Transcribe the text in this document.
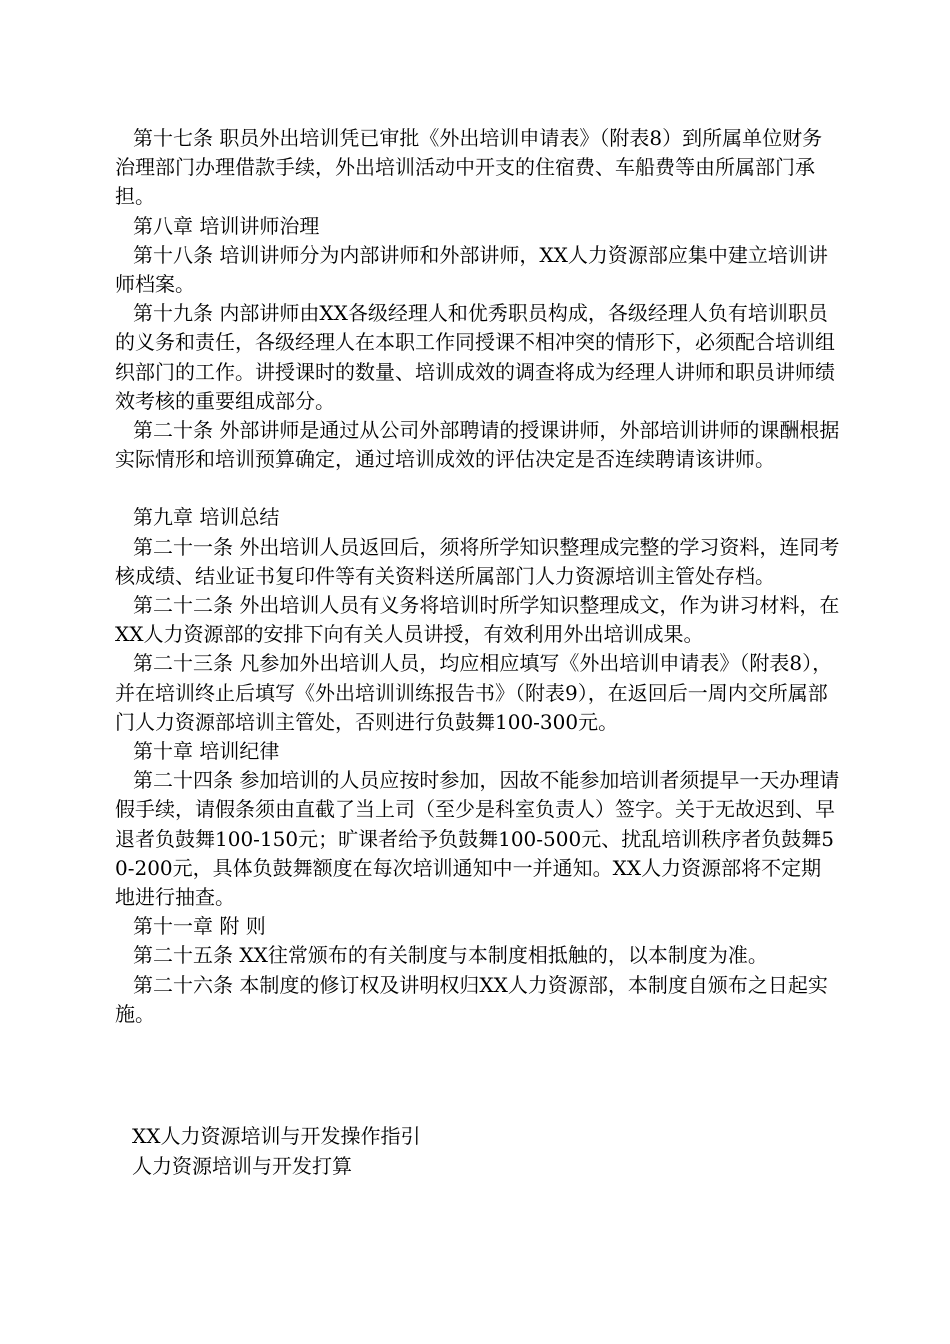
第十七条 职员外出培训凭已审批《外出培训申请表》（附表8）到所属单位财务治理部门办理借款手续，外出培训活动中开支的住宿费、车船费等由所属部门承担。

第八章 培训讲师治理

第十八条 培训讲师分为内部讲师和外部讲师，XX人力资源部应集中建立培训讲师档案。

第十九条 内部讲师由XX各级经理人和优秀职员构成，各级经理人负有培训职员的义务和责任，各级经理人在本职工作同授课不相冲突的情形下，必须配合培训组织部门的工作。讲授课时的数量、培训成效的调查将成为经理人讲师和职员讲师绩效考核的重要组成部分。

第二十条 外部讲师是通过从公司外部聘请的授课讲师，外部培训讲师的课酬根据实际情形和培训预算确定，通过培训成效的评估决定是否连续聘请该讲师。

第九章 培训总结

第二十一条 外出培训人员返回后，须将所学知识整理成完整的学习资料，连同考核成绩、结业证书复印件等有关资料送所属部门人力资源培训主管处存档。

第二十二条 外出培训人员有义务将培训时所学知识整理成文，作为讲习材料，在XX人力资源部的安排下向有关人员讲授，有效利用外出培训成果。

第二十三条 凡参加外出培训人员，均应相应填写《外出培训申请表》（附表8），并在培训终止后填写《外出培训训练报告书》（附表9），在返回后一周内交所属部门人力资源部培训主管处，否则进行负鼓舞100-300元。

第十章 培训纪律

第二十四条 参加培训的人员应按时参加，因故不能参加培训者须提早一天办理请假手续，请假条须由直截了当上司（至少是科室负责人）签字。关于无故迟到、早退者负鼓舞100-150元；旷课者给予负鼓舞100-500元、扰乱培训秩序者负鼓舞50-200元，具体负鼓舞额度在每次培训通知中一并通知。XX人力资源部将不定期地进行抽查。

第十一章 附 则

第二十五条 XX往常颁布的有关制度与本制度相抵触的，以本制度为准。

第二十六条 本制度的修订权及讲明权归XX人力资源部，本制度自颁布之日起实施。

XX人力资源培训与开发操作指引

人力资源培训与开发打算
